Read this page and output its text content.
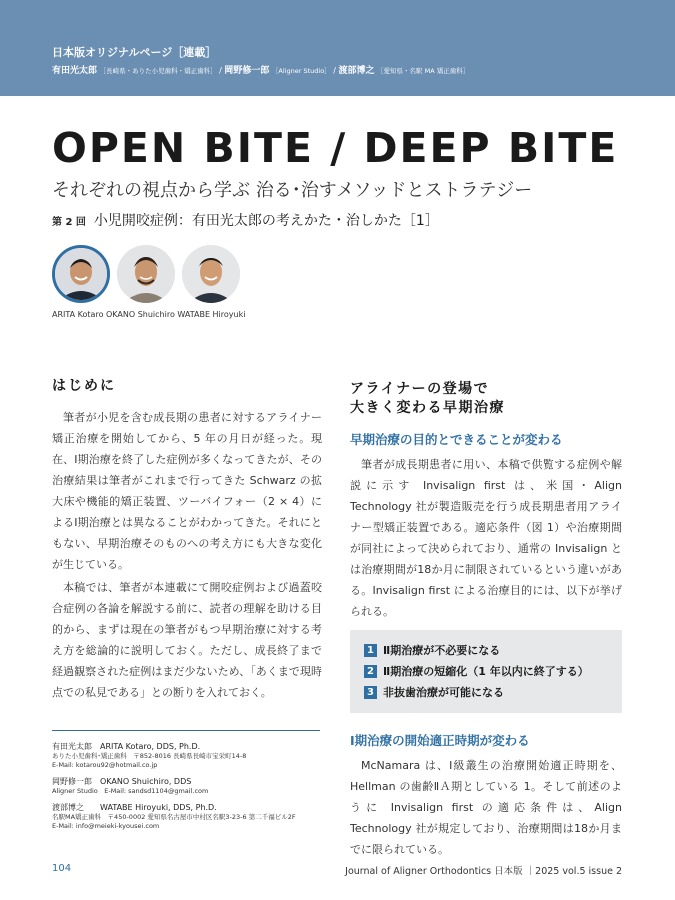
日本版オリジナルページ［連載］
有田光太郎 ［長崎県・ありた小児歯科・矯正歯科］ / 岡野修一郎 ［Aligner Studio］ / 渡部博之 ［愛知県・名駅 MA 矯正歯科］
OPEN BITE / DEEP BITE
それぞれの視点から学ぶ 治る･治すメソッドとストラテジー
第 2 回 小児開咬症例：有田光太郎の考えかた・治しかた［1］
ARITA Kotaro OKANO Shuichiro WATABE Hiroyuki
はじめに

筆者が小児を含む成長期の患者に対するアライナー矯正治療を開始してから、5 年の月日が経った。現在、Ⅰ期治療を終了した症例が多くなってきたが、その治療結果は筆者がこれまで行ってきた Schwarz の拡大床や機能的矯正装置、ツーバイフォー（2 × 4）によるⅠ期治療とは異なることがわかってきた。それにともない、早期治療そのものへの考え方にも大きな変化が生じている。

本稿では、筆者が本連載にて開咬症例および過蓋咬合症例の各論を解説する前に、読者の理解を助ける目的から、まずは現在の筆者がもつ早期治療に対する考え方を総論的に説明しておく。ただし、成長終了まで経過観察された症例はまだ少ないため、「あくまで現時点での私見である」との断りを入れておく。

アライナーの登場で
大きく変わる早期治療
早期治療の目的とできることが変わる

筆者が成長期患者に用い、本稿で供覧する症例や解説に示す Invisalign first は、米国・Align Technology 社が製造販売を行う成長期患者用アライナー型矯正装置である。適応条件（図 1）や治療期間が同社によって決められており、通常の Invisalign とは治療期間が18か月に制限されているという違いがある。Invisalign first による治療目的には、以下が挙げられる。

1 Ⅱ期治療が不必要になる
2 Ⅱ期治療の短縮化（1 年以内に終了する）
3 非抜歯治療が可能になる
Ⅰ期治療の開始適正時期が変わる

McNamara は、Ⅰ級叢生の治療開始適正時期を、Hellman の歯齢ⅡＡ期としている 1。そして前述のように Invisalign first の適応条件は、Align Technology 社が規定しており、治療期間は18か月までに限られている。

有田光太郎　ARITA Kotaro, DDS, Ph.D.
ありた小児歯科･矯正歯科　〒852-8016 長崎県長崎市宝栄町14-8
E-Mail: kotarou92@hotmail.co.jp
岡野修一郎　OKANO Shuichiro, DDS
Aligner Studio　E-Mail: sandsd1104@gmail.com
渡部博之　　WATABE Hiroyuki, DDS, Ph.D.
名駅MA矯正歯科　〒450-0002 愛知県名古屋市中村区名駅3-23-6 第二千福ビル2F
E-Mail: info@meieki-kyousei.com
104	Journal of Aligner Orthodontics 日本版 ｜2025 vol.5 issue 2
